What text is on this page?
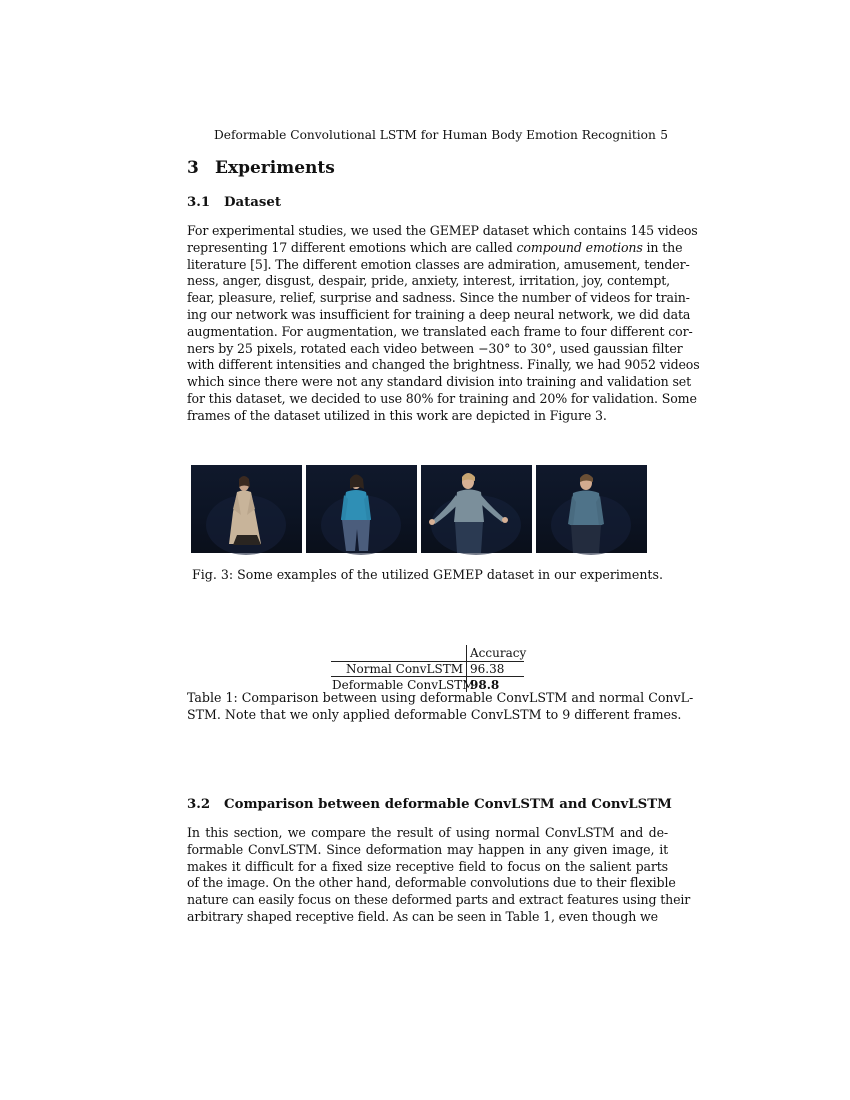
Deformable Convolutional LSTM for Human Body Emotion Recognition 5
3 Experiments
3.1 Dataset
For experimental studies, we used the GEMEP dataset which contains 145 videos
representing 17 different emotions which are called compound emotions in the
literature [5]. The different emotion classes are admiration, amusement, tender-
ness, anger, disgust, despair, pride, anxiety, interest, irritation, joy, contempt,
fear, pleasure, relief, surprise and sadness. Since the number of videos for train-
ing our network was insufficient for training a deep neural network, we did data
augmentation. For augmentation, we translated each frame to four different cor-
ners by 25 pixels, rotated each video between −30° to 30°, used gaussian filter
with different intensities and changed the brightness. Finally, we had 9052 videos
which since there were not any standard division into training and validation set
for this dataset, we decided to use 80% for training and 20% for validation. Some
frames of the dataset utilized in this work are depicted in Figure 3.
Fig. 3: Some examples of the utilized GEMEP dataset in our experiments.
Accuracy
Normal ConvLSTM 96.38
Deformable ConvLSTM
98.8
Table 1: Comparison between using deformable ConvLSTM and normal ConvL-
STM. Note that we only applied deformable ConvLSTM to 9 different frames.
3.2 Comparison between deformable ConvLSTM and ConvLSTM
In this section, we compare the result of using normal ConvLSTM and de-
formable ConvLSTM. Since deformation may happen in any given image, it
makes it difficult for a fixed size receptive field to focus on the salient parts
of the image. On the other hand, deformable convolutions due to their flexible
nature can easily focus on these deformed parts and extract features using their
arbitrary shaped receptive field. As can be seen in Table 1, even though we
